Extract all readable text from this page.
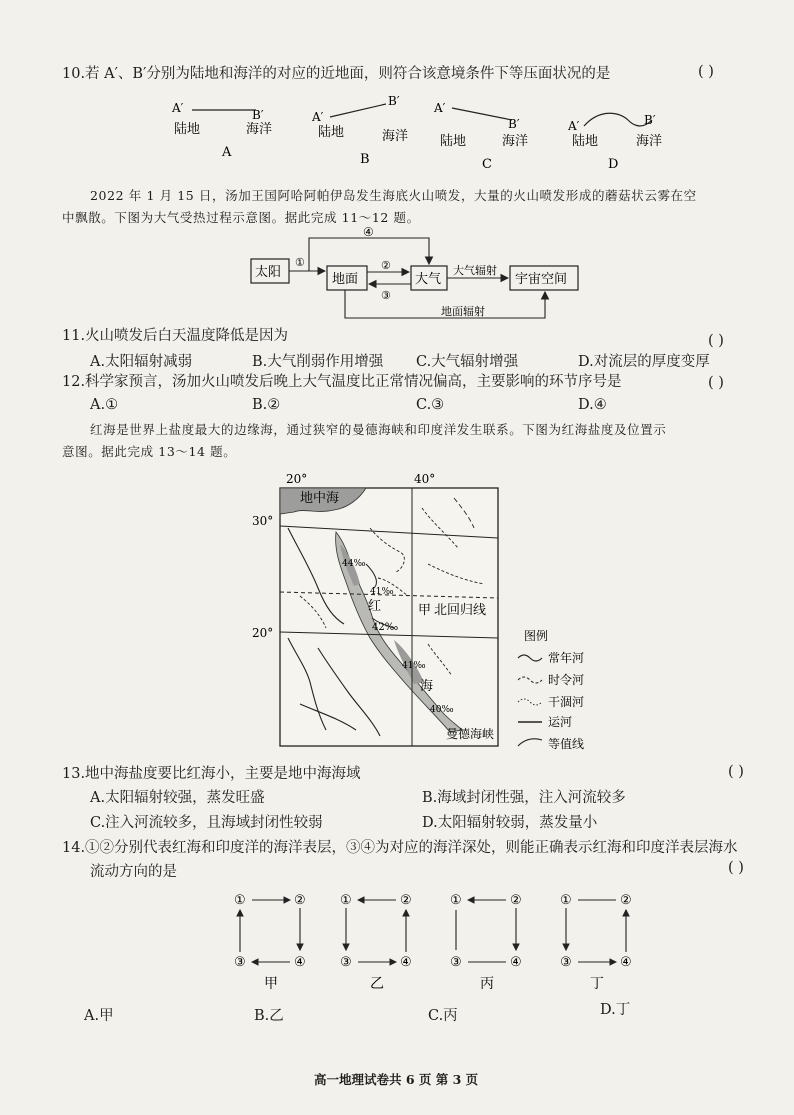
10.若 A′、B′分别为陆地和海洋的对应的近地面，则符合该意境条件下等压面状况的是	( )
A′	B′
陆地	海洋
A
A′
B′
陆地	海洋
B
A′
B′
陆地	海洋
C
A′	B′
陆地	海洋
D
2022 年 1 月 15 日，汤加王国阿哈阿帕伊岛发生海底火山喷发，大量的火山喷发形成的蘑菇状云雾在空
中飘散。下图为大气受热过程示意图。据此完成 11～12 题。
太阳	地面	大气	宇宙空间
①
④
②
③
大气辐射
地面辐射
11.火山喷发后白天温度降低是因为	( )
A.太阳辐射减弱	B.大气削弱作用增强 C.大气辐射增强	D.对流层的厚度变厚
12.科学家预言，汤加火山喷发后晚上大气温度比正常情况偏高，主要影响的环节序号是	( )
A.①	B.②	C.③	D.④
红海是世界上盐度最大的边缘海，通过狭窄的曼德海峡和印度洋发生联系。下图为红海盐度及位置示
意图。据此完成 13～14 题。
20°	40°
30°
20°
地中海
44‰
41‰
红
42‰
甲 北回归线
41‰
海
40‰
曼德海峡
图例
常年河
时令河
干涸河
运河
等值线
13.地中海盐度要比红海小，主要是地中海海域	( )
A.太阳辐射较强，蒸发旺盛	B.海域封闭性强，注入河流较多
C.注入河流较多，且海域封闭性较弱	D.太阳辐射较弱，蒸发量小
14.①②分别代表红海和印度洋的海洋表层，③④为对应的海洋深处，则能正确表示红海和印度洋表层海水
流动方向的是	( )
①	②
③	④
甲
①	②
③	④
乙
①	②
③	④
丙
①	②
③	④
丁
A.甲	B.乙	C.丙	D.丁
高一地理试卷共 6 页 第 3 页
